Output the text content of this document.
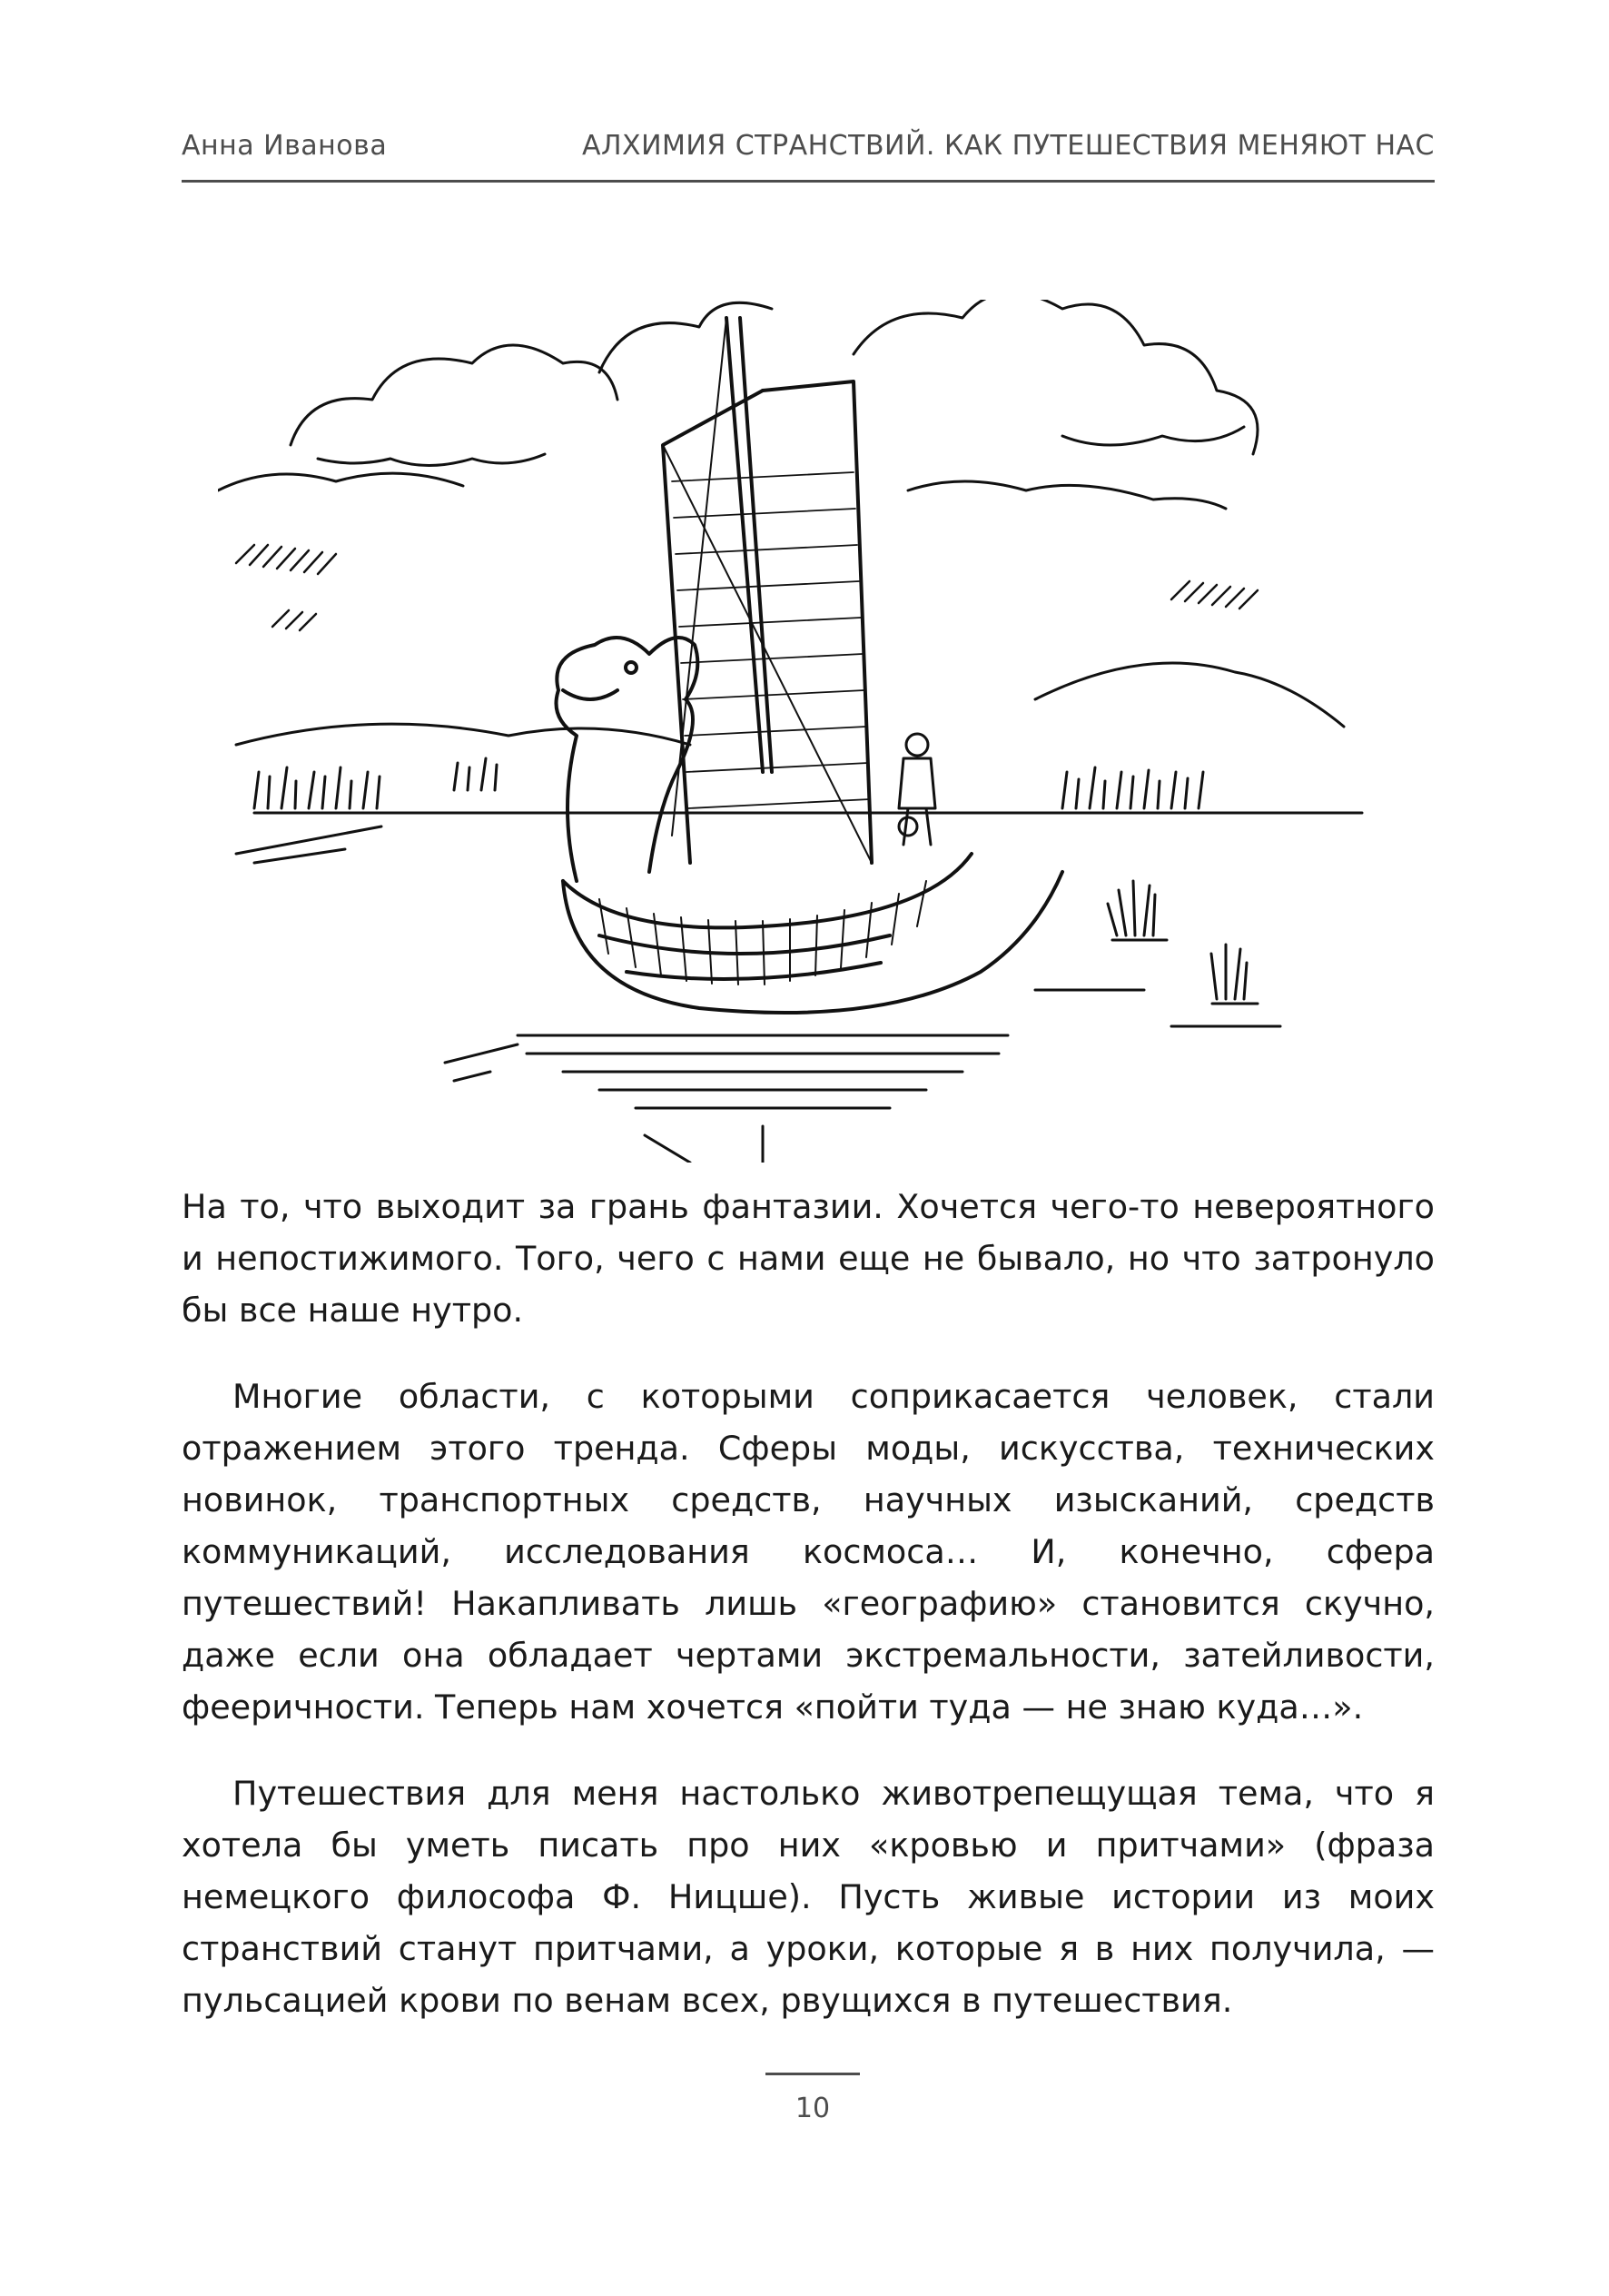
Анна Иванова	АЛХИМИЯ СТРАНСТВИЙ. КАК ПУТЕШЕСТВИЯ МЕНЯЮТ НАС

На то, что выходит за грань фантазии. Хочется чего-то невероятного и непостижимого. Того, чего с нами еще не бывало, но что затронуло бы все наше нутро.

Многие области, с которыми соприкасается человек, стали отражением этого тренда. Сферы моды, искусства, технических новинок, транспортных средств, научных изысканий, средств коммуникаций, исследования космоса… И, конечно, сфера путешествий! Накапливать лишь «географию» становится скучно, даже если она обладает чертами экстремальности, затейливости, фееричности. Теперь нам хочется «пойти туда — не знаю куда…».

Путешествия для меня настолько животрепещущая тема, что я хотела бы уметь писать про них «кровью и притчами» (фраза немецкого философа Ф. Ницше). Пусть живые истории из моих странствий станут притчами, а уроки, которые я в них получила, — пульсацией крови по венам всех, рвущихся в путешествия.

10
